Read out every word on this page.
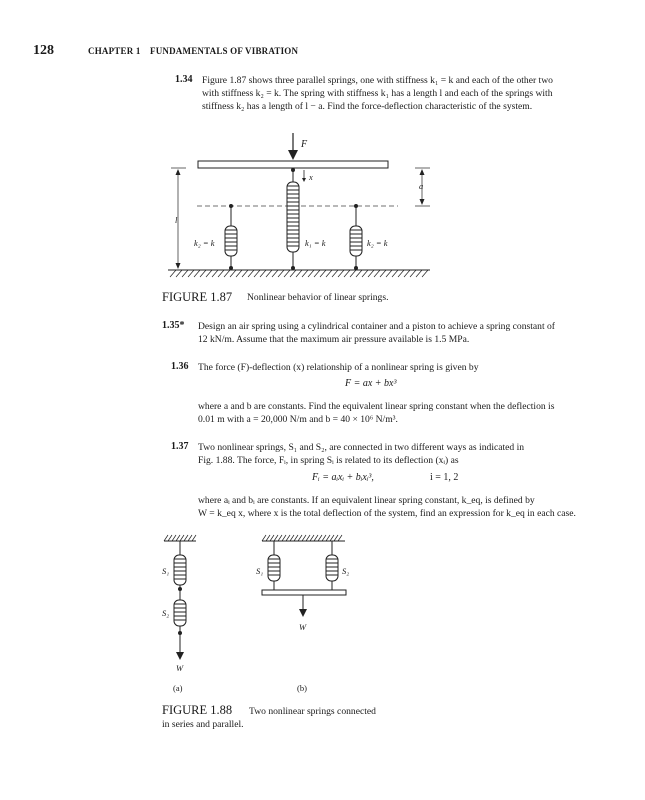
128	CHAPTER 1 FUNDAMENTALS OF VIBRATION
1.34 Figure 1.87 shows three parallel springs, one with stiffness k₁ = k and each of the other two
with stiffness k₂ = k. The spring with stiffness k₁ has a length l and each of the springs with
stiffness k₂ has a length of l − a. Find the force-deflection characteristic of the system.
F
x
a
l
k₂ = k	k₁ = k	k₂ = k
FIGURE 1.87 Nonlinear behavior of linear springs.
1.35* Design an air spring using a cylindrical container and a piston to achieve a spring constant of
12 kN/m. Assume that the maximum air pressure available is 1.5 MPa.
1.36 The force (F)-deflection (x) relationship of a nonlinear spring is given by
F = ax + bx³
where a and b are constants. Find the equivalent linear spring constant when the deflection is
0.01 m with a = 20,000 N/m and b = 40 × 10⁶ N/m³.
1.37 Two nonlinear springs, S₁ and S₂, are connected in two different ways as indicated in
Fig. 1.88. The force, Fᵢ, in spring Sᵢ is related to its deflection (xᵢ) as
Fᵢ = aᵢxᵢ + bᵢxᵢ³,	i = 1, 2
where aᵢ and bᵢ are constants. If an equivalent linear spring constant, k_eq, is defined by
W = k_eq x, where x is the total deflection of the system, find an expression for k_eq in each case.
S₁
S₂
W
(a)
S₁	S₂
W
(b)
FIGURE 1.88 Two nonlinear springs connected
in series and parallel.
